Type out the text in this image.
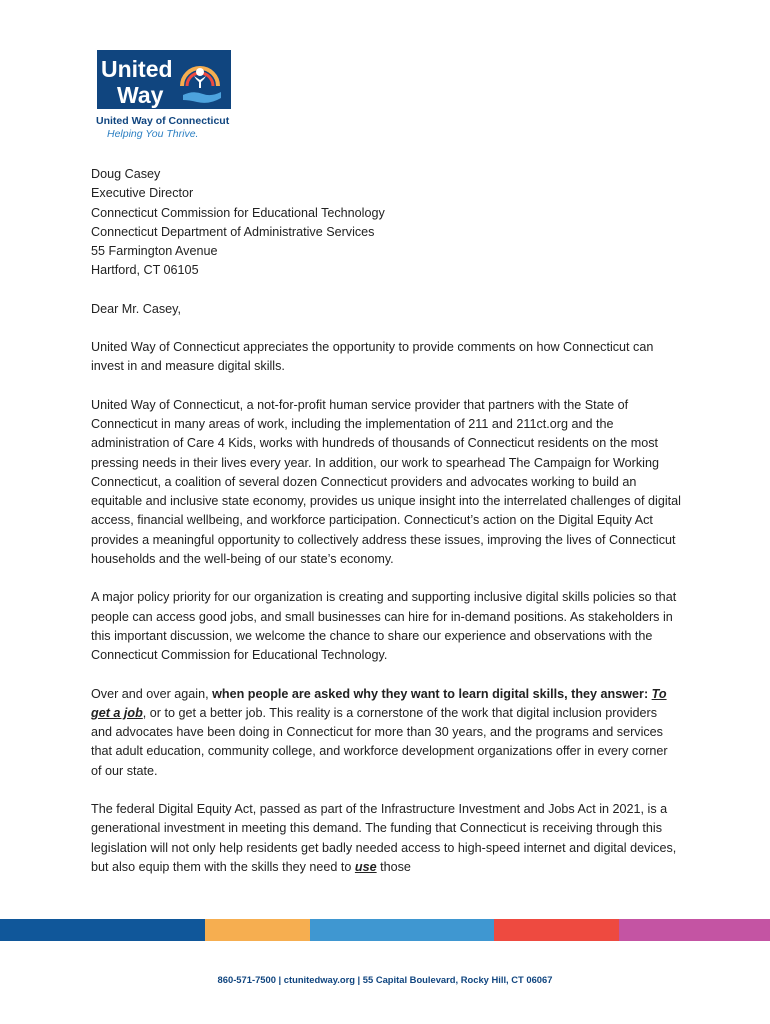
United
Way
United Way of Connecticut
Helping You Thrive.

Doug Casey
Executive Director
Connecticut Commission for Educational Technology
Connecticut Department of Administrative Services
55 Farmington Avenue
Hartford, CT 06105

Dear Mr. Casey,

United Way of Connecticut appreciates the opportunity to provide comments on how Connecticut can invest in and measure digital skills.

United Way of Connecticut, a not-for-profit human service provider that partners with the State of Connecticut in many areas of work, including the implementation of 211 and 211ct.org and the administration of Care 4 Kids, works with hundreds of thousands of Connecticut residents on the most pressing needs in their lives every year. In addition, our work to spearhead The Campaign for Working Connecticut, a coalition of several dozen Connecticut providers and advocates working to build an equitable and inclusive state economy, provides us unique insight into the interrelated challenges of digital access, financial wellbeing, and workforce participation. Connecticut’s action on the Digital Equity Act provides a meaningful opportunity to collectively address these issues, improving the lives of Connecticut households and the well-being of our state’s economy.

A major policy priority for our organization is creating and supporting inclusive digital skills policies so that people can access good jobs, and small businesses can hire for in-demand positions. As stakeholders in this important discussion, we welcome the chance to share our experience and observations with the Connecticut Commission for Educational Technology.

Over and over again, when people are asked why they want to learn digital skills, they answer: To get a job, or to get a better job. This reality is a cornerstone of the work that digital inclusion providers and advocates have been doing in Connecticut for more than 30 years, and the programs and services that adult education, community college, and workforce development organizations offer in every corner of our state.

The federal Digital Equity Act, passed as part of the Infrastructure Investment and Jobs Act in 2021, is a generational investment in meeting this demand. The funding that Connecticut is receiving through this legislation will not only help residents get badly needed access to high-speed internet and digital devices, but also equip them with the skills they need to use those

860-571-7500 | ctunitedway.org | 55 Capital Boulevard, Rocky Hill, CT 06067
